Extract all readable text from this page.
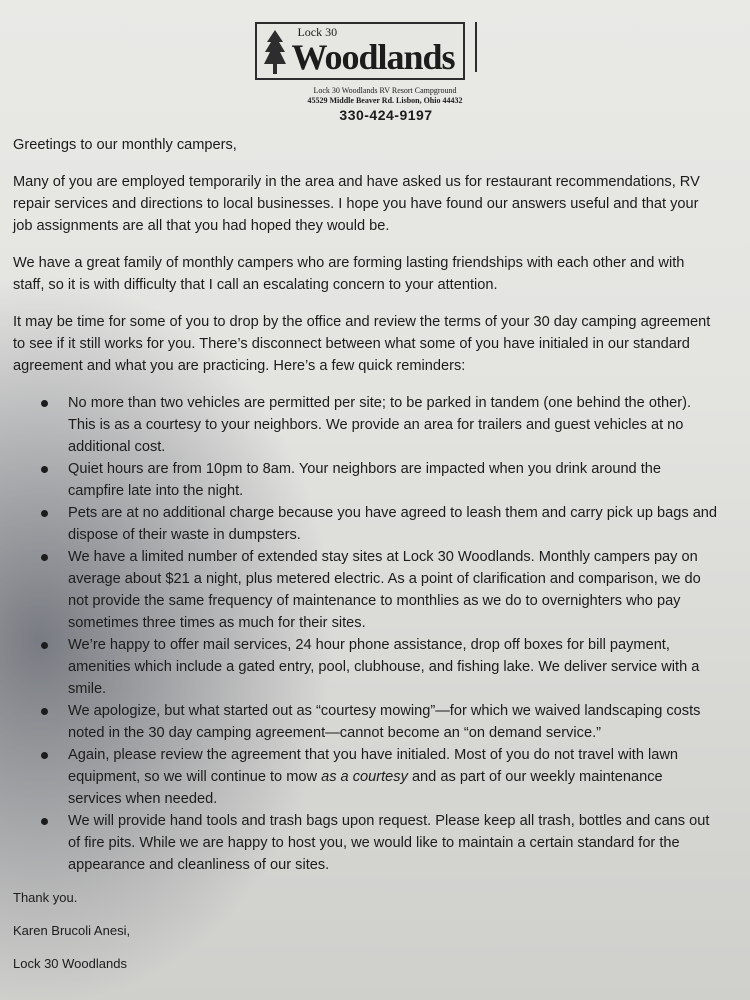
Lock 30
Woodlands
Lock 30 Woodlands RV Resort Campground
45529 Middle Beaver Rd. Lisbon, Ohio 44432
330-424-9197

Greetings to our monthly campers,

Many of you are employed temporarily in the area and have asked us for restaurant recommendations, RV repair services and directions to local businesses. I hope you have found our answers useful and that your job assignments are all that you had hoped they would be.

We have a great family of monthly campers who are forming lasting friendships with each other and with staff, so it is with difficulty that I call an escalating concern to your attention.

It may be time for some of you to drop by the office and review the terms of your 30 day camping agreement to see if it still works for you. There’s disconnect between what some of you have initialed in our standard agreement and what you are practicing. Here’s a few quick reminders:

No more than two vehicles are permitted per site; to be parked in tandem (one behind the other). This is as a courtesy to your neighbors. We provide an area for trailers and guest vehicles at no additional cost.
Quiet hours are from 10pm to 8am. Your neighbors are impacted when you drink around the campfire late into the night.
Pets are at no additional charge because you have agreed to leash them and carry pick up bags and dispose of their waste in dumpsters.
We have a limited number of extended stay sites at Lock 30 Woodlands. Monthly campers pay on average about $21 a night, plus metered electric. As a point of clarification and comparison, we do not provide the same frequency of maintenance to monthlies as we do to overnighters who pay sometimes three times as much for their sites.
We’re happy to offer mail services, 24 hour phone assistance, drop off boxes for bill payment, amenities which include a gated entry, pool, clubhouse, and fishing lake. We deliver service with a smile.
We apologize, but what started out as “courtesy mowing”—for which we waived landscaping costs noted in the 30 day camping agreement—cannot become an “on demand service.”
Again, please review the agreement that you have initialed. Most of you do not travel with lawn equipment, so we will continue to mow as a courtesy and as part of our weekly maintenance services when needed.
We will provide hand tools and trash bags upon request. Please keep all trash, bottles and cans out of fire pits. While we are happy to host you, we would like to maintain a certain standard for the appearance and cleanliness of our sites.

Thank you.

Karen Brucoli Anesi,

Lock 30 Woodlands
